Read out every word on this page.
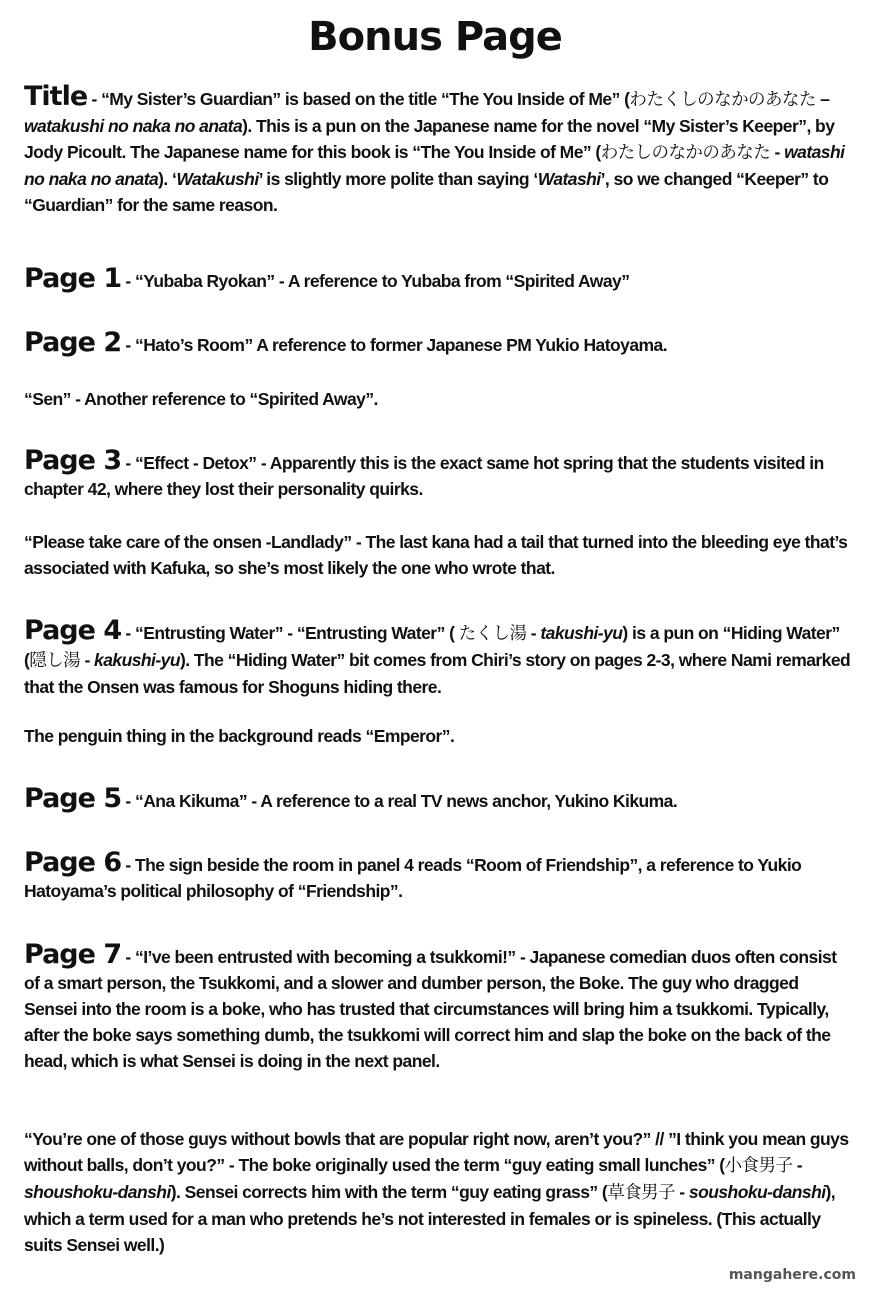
Bonus Page
Title - “My Sister’s Guardian” is based on the title “The You Inside of Me” (わたくしのなかのあなた – watakushi no naka no anata). This is a pun on the Japanese name for the novel “My Sister’s Keeper”, by Jody Picoult. The Japanese name for this book is “The You Inside of Me” (わたしのなかのあなた - watashi no naka no anata). ‘Watakushi’ is slightly more polite than saying ‘Watashi’, so we changed “Keeper” to “Guardian” for the same reason.
Page 1 - “Yubaba Ryokan” - A reference to Yubaba from “Spirited Away”
Page 2 - “Hato’s Room” A reference to former Japanese PM Yukio Hatoyama.
“Sen” - Another reference to “Spirited Away”.
Page 3 - “Effect - Detox” - Apparently this is the exact same hot spring that the students visited in chapter 42, where they lost their personality quirks.
“Please take care of the onsen -Landlady” - The last kana had a tail that turned into the bleeding eye that’s associated with Kafuka, so she’s most likely the one who wrote that.
Page 4 - “Entrusting Water” - “Entrusting Water” ( たくし湯 - takushi-yu) is a pun on “Hiding Water” (隠し湯 - kakushi-yu). The “Hiding Water” bit comes from Chiri’s story on pages 2-3, where Nami remarked that the Onsen was famous for Shoguns hiding there.
The penguin thing in the background reads “Emperor”.
Page 5 - “Ana Kikuma” - A reference to a real TV news anchor, Yukino Kikuma.
Page 6 - The sign beside the room in panel 4 reads “Room of Friendship”, a reference to Yukio Hatoyama’s political philosophy of “Friendship”.
Page 7 - “I’ve been entrusted with becoming a tsukkomi!” - Japanese comedian duos often consist of a smart person, the Tsukkomi, and a slower and dumber person, the Boke. The guy who dragged Sensei into the room is a boke, who has trusted that circumstances will bring him a tsukkomi. Typically, after the boke says something dumb, the tsukkomi will correct him and slap the boke on the back of the head, which is what Sensei is doing in the next panel.
“You’re one of those guys without bowls that are popular right now, aren’t you?” // ”I think you mean guys without balls, don’t you?” - The boke originally used the term “guy eating small lunches” (小食男子 - shoushoku-danshi). Sensei corrects him with the term “guy eating grass” (草食男子 - soushoku-danshi), which a term used for a man who pretends he’s not interested in females or is spineless. (This actually suits Sensei well.)
mangahere.com
